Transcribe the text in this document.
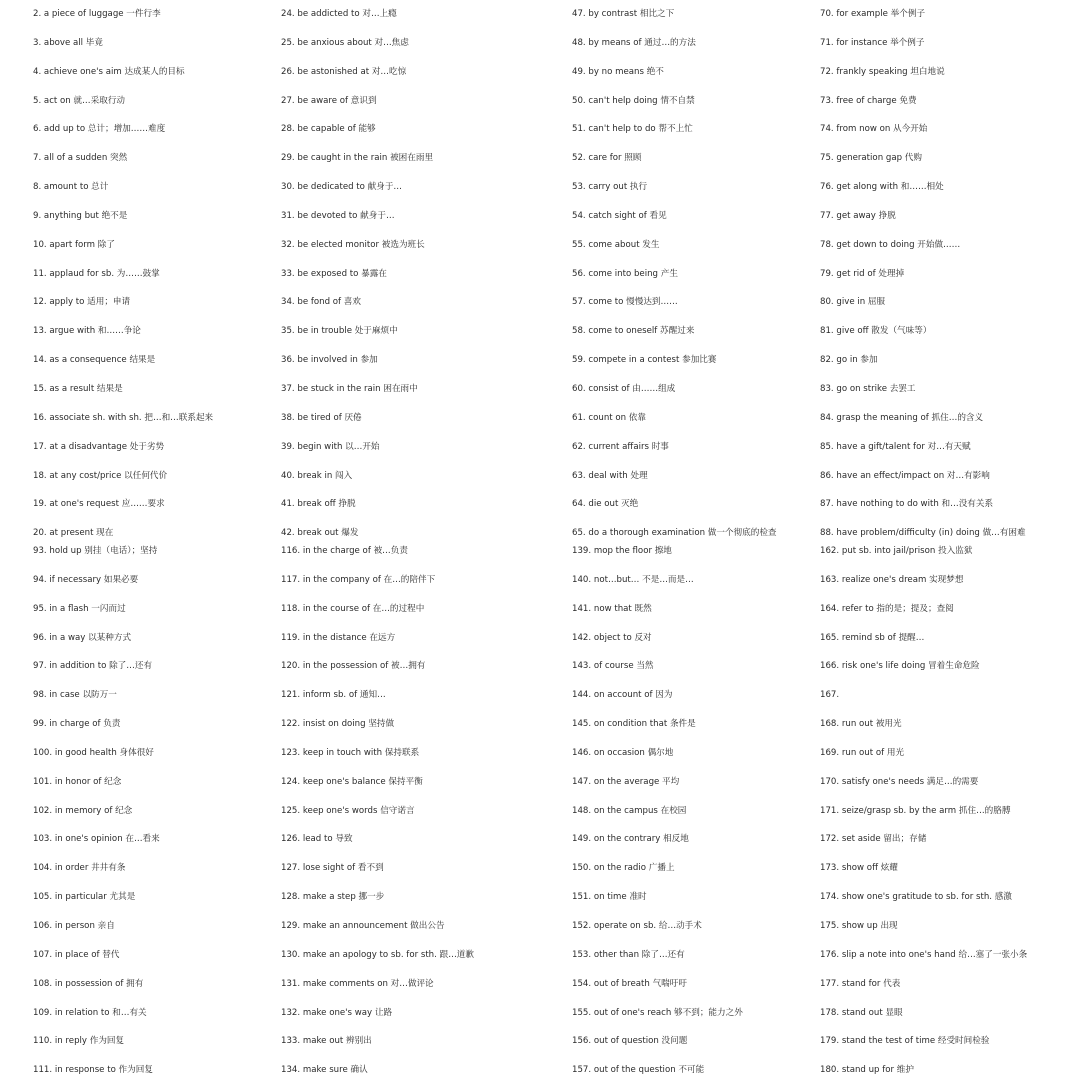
2. a piece of luggage 一件行李
3. above all 毕竟
4. achieve one's aim 达成某人的目标
5. act on 就…采取行动
6. add up to 总计；增加……难度
7. all of a sudden 突然
8. amount to 总计
9. anything but 绝不是
10. apart form 除了
11. applaud for sb. 为……鼓掌
12. apply to 适用；申请
13. argue with 和……争论
14. as a consequence 结果是
15. as a result 结果是
16. associate sh. with sh. 把…和…联系起来
17. at a disadvantage 处于劣势
18. at any cost/price 以任何代价
19. at one's request 应……要求
20. at present 现在
24. be addicted to 对…上瘾
25. be anxious about 对…焦虑
26. be astonished at 对…吃惊
27. be aware of 意识到
28. be capable of 能够
29. be caught in the rain 被困在雨里
30. be dedicated to 献身于…
31. be devoted to 献身于…
32. be elected monitor 被选为班长
33. be exposed to 暴露在
34. be fond of 喜欢
35. be in trouble 处于麻烦中
36. be involved in 参加
37. be stuck in the rain 困在雨中
38. be tired of 厌倦
39. begin with 以…开始
40. break in 闯入
41. break off 挣脱
42. break out 爆发
47. by contrast 相比之下
48. by means of 通过…的方法
49. by no means 绝不
50. can't help doing 情不自禁
51. can't help to do 帮不上忙
52. care for 照顾
53. carry out 执行
54. catch sight of 看见
55. come about 发生
56. come into being 产生
57. come to 慢慢达到……
58. come to oneself 苏醒过来
59. compete in a contest 参加比赛
60. consist of 由……组成
61. count on 依靠
62. current affairs 时事
63. deal with 处理
64. die out 灭绝
65. do a thorough examination 做一个彻底的检查
70. for example 举个例子
71. for instance 举个例子
72. frankly speaking 坦白地说
73. free of charge 免费
74. from now on 从今开始
75. generation gap 代购
76. get along with 和……相处
77. get away 挣脱
78. get down to doing 开始做……
79. get rid of 处理掉
80. give in 屈服
81. give off 散发（气味等）
82. go in 参加
83. go on strike 去罢工
84. grasp the meaning of 抓住…的含义
85. have a gift/talent for 对…有天赋
86. have an effect/impact on 对…有影响
87. have nothing to do with 和…没有关系
88. have problem/difficulty (in) doing 做…有困难
93. hold up 别挂（电话）；坚持
94. if necessary 如果必要
95. in a flash 一闪而过
96. in a way 以某种方式
97. in addition to 除了…还有
98. in case 以防万一
99. in charge of 负责
100. in good health 身体很好
101. in honor of 纪念
102. in memory of 纪念
103. in one's opinion 在…看来
104. in order 井井有条
105. in particular 尤其是
106. in person 亲自
107. in place of 替代
108. in possession of 拥有
109. in relation to 和…有关
110. in reply 作为回复
111. in response to 作为回复
116. in the charge of 被…负责
117. in the company of 在…的陪伴下
118. in the course of 在…的过程中
119. in the distance 在远方
120. in the possession of 被…拥有
121. inform sb. of 通知…
122. insist on doing 坚持做
123. keep in touch with 保持联系
124. keep one's balance 保持平衡
125. keep one's words 信守诺言
126. lead to 导致
127. lose sight of 看不到
128. make a step 挪一步
129. make an announcement 做出公告
130. make an apology to sb. for sth. 跟…道歉
131. make comments on 对…做评论
132. make one's way 让路
133. make out 辨别出
134. make sure 确认
139. mop the floor 擦地
140. not…but… 不是…而是…
141. now that 既然
142. object to 反对
143. of course 当然
144. on account of 因为
145. on condition that 条件是
146. on occasion 偶尔地
147. on the average 平均
148. on the campus 在校园
149. on the contrary 相反地
150. on the radio 广播上
151. on time 准时
152. operate on sb. 给…动手术
153. other than 除了…还有
154. out of breath 气喘吁吁
155. out of one's reach 够不到；能力之外
156. out of question 没问题
157. out of the question 不可能
162. put sb. into jail/prison 投入监狱
163. realize one's dream 实现梦想
164. refer to 指的是；提及；查阅
165. remind sb of 提醒…
166. risk one's life doing 冒着生命危险
167.
168. run out 被用光
169. run out of 用光
170. satisfy one's needs 满足…的需要
171. seize/grasp sb. by the arm 抓住…的胳膊
172. set aside 留出；存储
173. show off 炫耀
174. show one's gratitude to sb. for sth. 感激
175. show up 出现
176. slip a note into one's hand 给…塞了一张小条
177. stand for 代表
178. stand out 显眼
179. stand the test of time 经受时间检验
180. stand up for 维护
